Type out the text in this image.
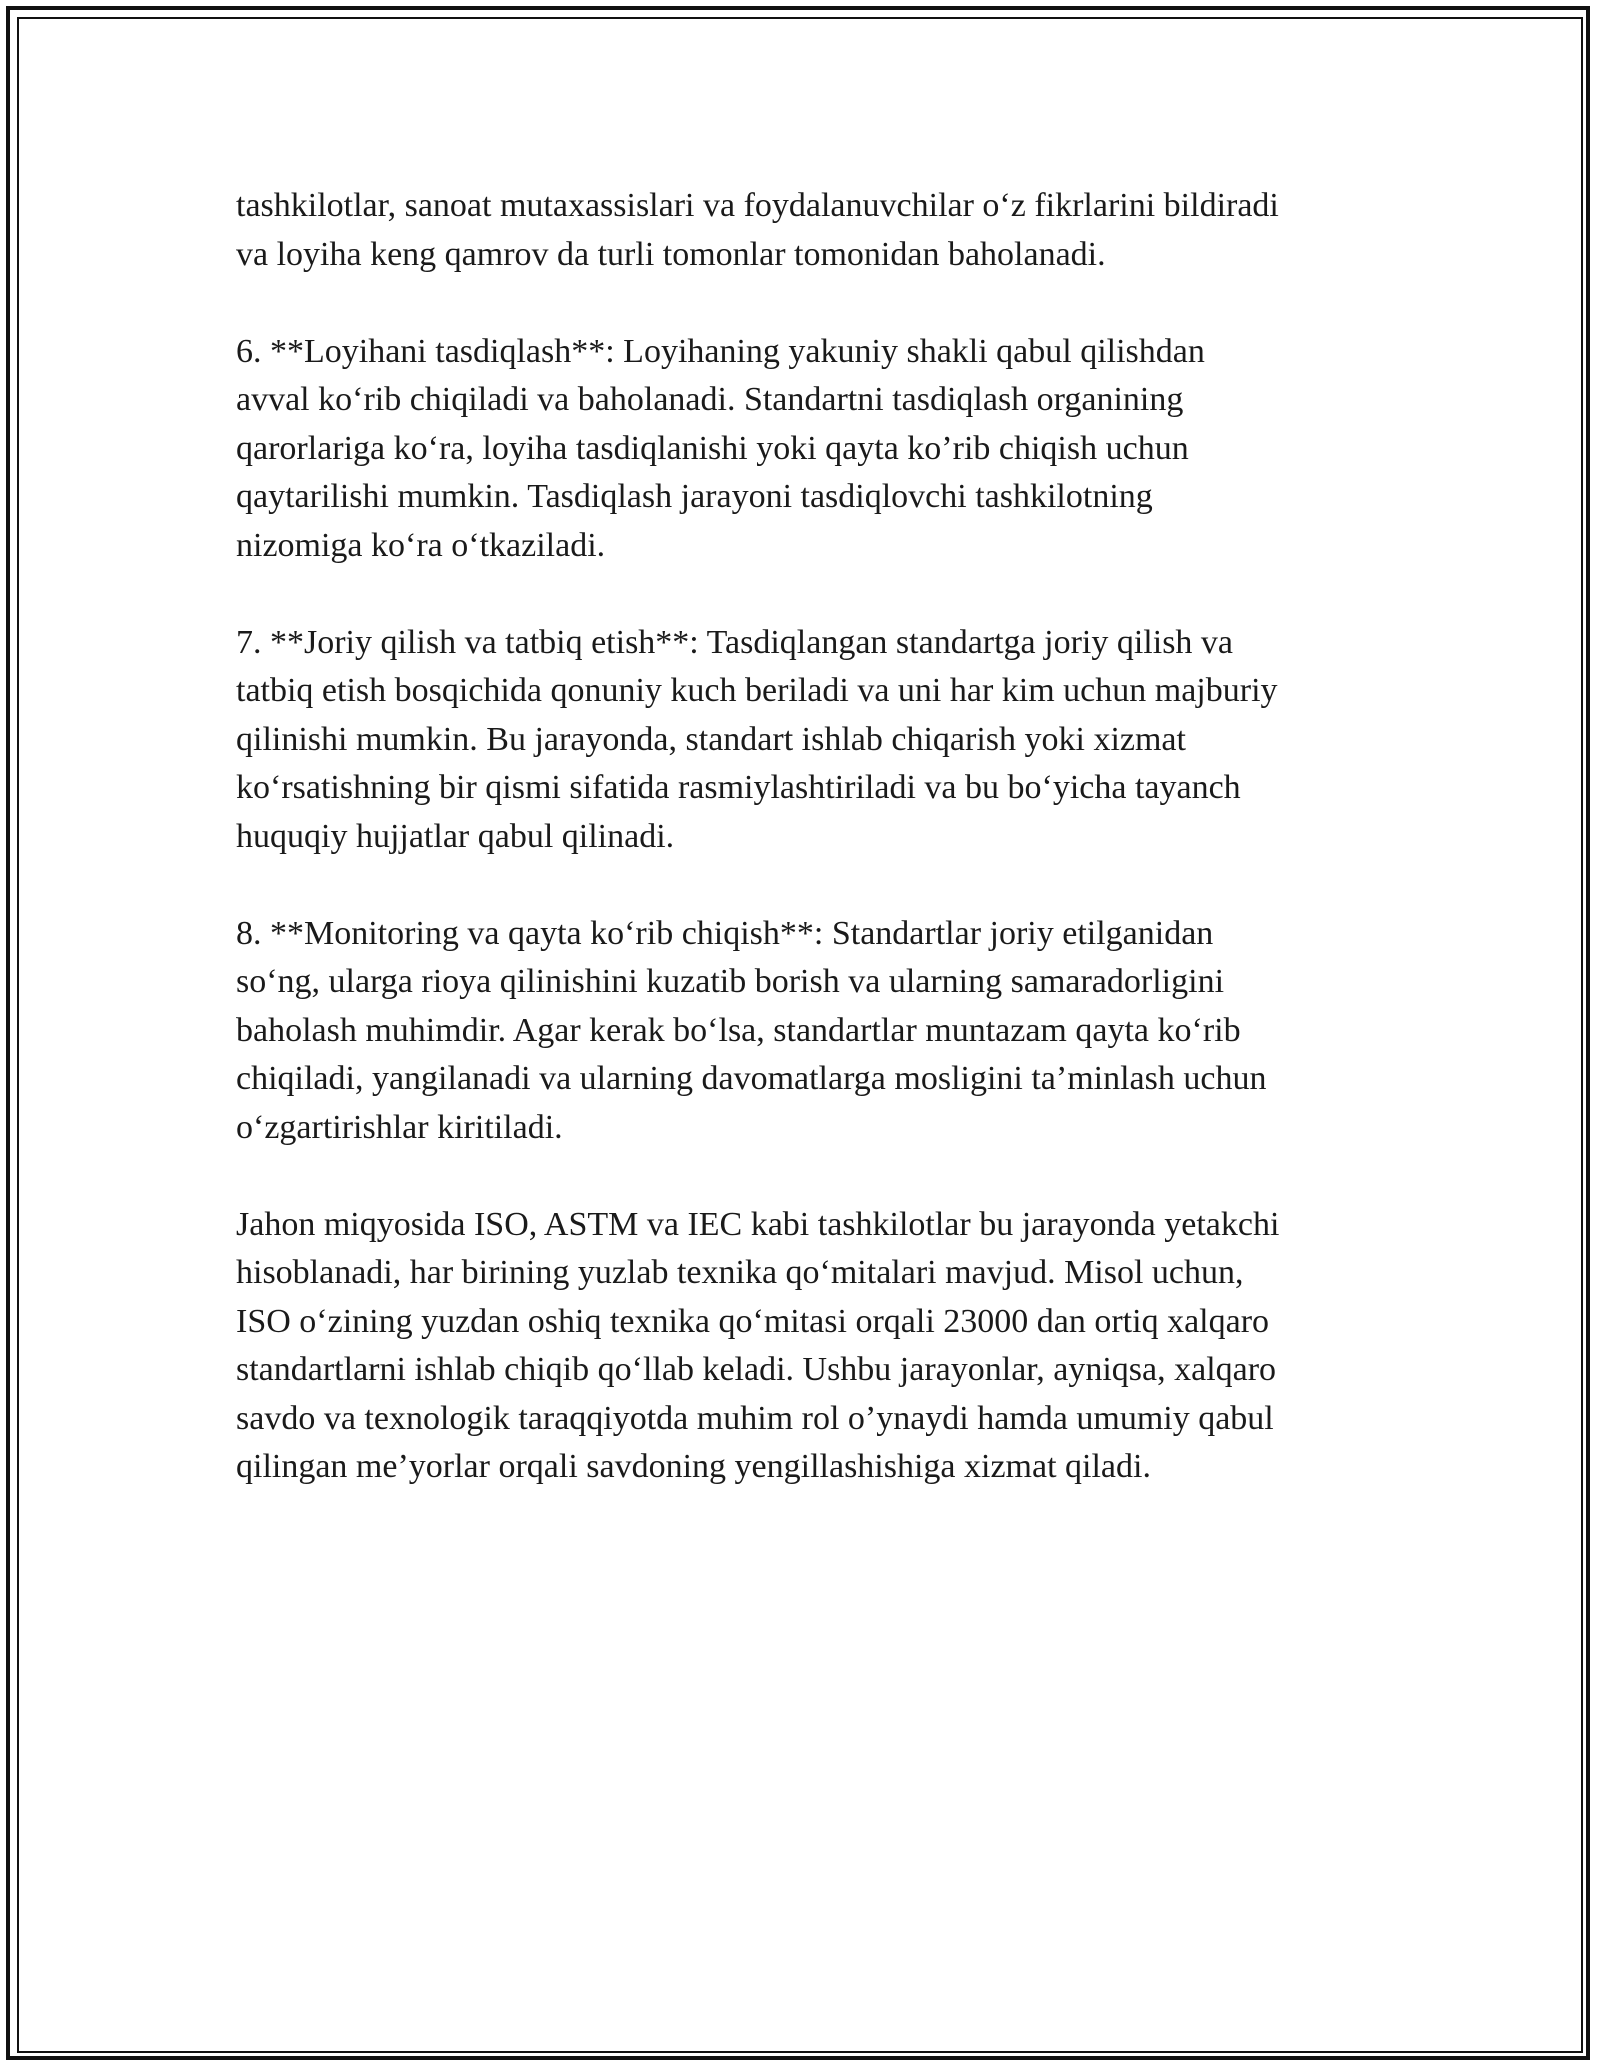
tashkilotlar, sanoat mutaxassislari va foydalanuvchilar o‘z fikrlarini bildiradi
va loyiha keng qamrov da turli tomonlar tomonidan baholanadi.

6. **Loyihani tasdiqlash**: Loyihaning yakuniy shakli qabul qilishdan
avval ko‘rib chiqiladi va baholanadi. Standartni tasdiqlash organining
qarorlariga ko‘ra, loyiha tasdiqlanishi yoki qayta ko’rib chiqish uchun
qaytarilishi mumkin. Tasdiqlash jarayoni tasdiqlovchi tashkilotning
nizomiga ko‘ra o‘tkaziladi.

7. **Joriy qilish va tatbiq etish**: Tasdiqlangan standartga joriy qilish va
tatbiq etish bosqichida qonuniy kuch beriladi va uni har kim uchun majburiy
qilinishi mumkin. Bu jarayonda, standart ishlab chiqarish yoki xizmat
ko‘rsatishning bir qismi sifatida rasmiylashtiriladi va bu bo‘yicha tayanch
huquqiy hujjatlar qabul qilinadi.

8. **Monitoring va qayta ko‘rib chiqish**: Standartlar joriy etilganidan
so‘ng, ularga rioya qilinishini kuzatib borish va ularning samaradorligini
baholash muhimdir. Agar kerak bo‘lsa, standartlar muntazam qayta ko‘rib
chiqiladi, yangilanadi va ularning davomatlarga mosligini ta’minlash uchun
o‘zgartirishlar kiritiladi.

Jahon miqyosida ISO, ASTM va IEC kabi tashkilotlar bu jarayonda yetakchi
hisoblanadi, har birining yuzlab texnika qo‘mitalari mavjud. Misol uchun,
ISO o‘zining yuzdan oshiq texnika qo‘mitasi orqali 23000 dan ortiq xalqaro
standartlarni ishlab chiqib qo‘llab keladi. Ushbu jarayonlar, ayniqsa, xalqaro
savdo va texnologik taraqqiyotda muhim rol o’ynaydi hamda umumiy qabul
qilingan me’yorlar orqali savdoning yengillashishiga xizmat qiladi.
